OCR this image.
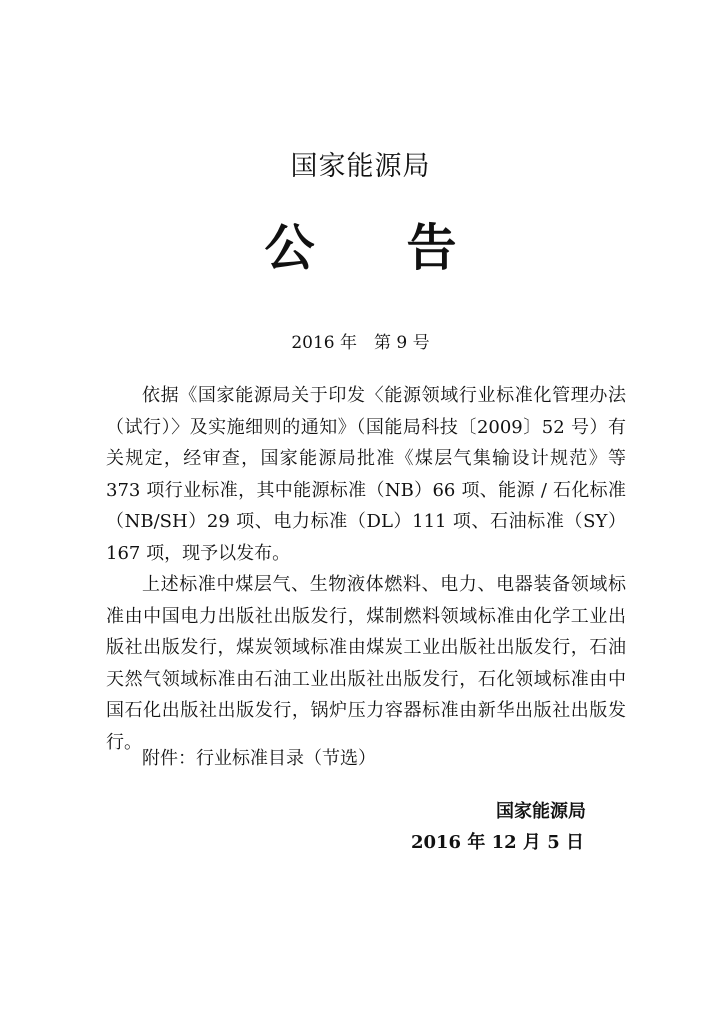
国家能源局
公 告
2016 年　第 9 号

依据《国家能源局关于印发〈能源领域行业标准化管理办法（试行）〉及实施细则的通知》（国能局科技〔2009〕52 号）有关规定，经审查，国家能源局批准《煤层气集输设计规范》等 373 项行业标准，其中能源标准（NB）66 项、能源 / 石化标准（NB/SH）29 项、电力标准（DL）111 项、石油标准（SY）167 项，现予以发布。

上述标准中煤层气、生物液体燃料、电力、电器装备领域标准由中国电力出版社出版发行，煤制燃料领域标准由化学工业出版社出版发行，煤炭领域标准由煤炭工业出版社出版发行，石油天然气领域标准由石油工业出版社出版发行，石化领域标准由中国石化出版社出版发行，锅炉压力容器标准由新华出版社出版发行。

附件：行业标准目录（节选）
国家能源局
2016 年 12 月 5 日
